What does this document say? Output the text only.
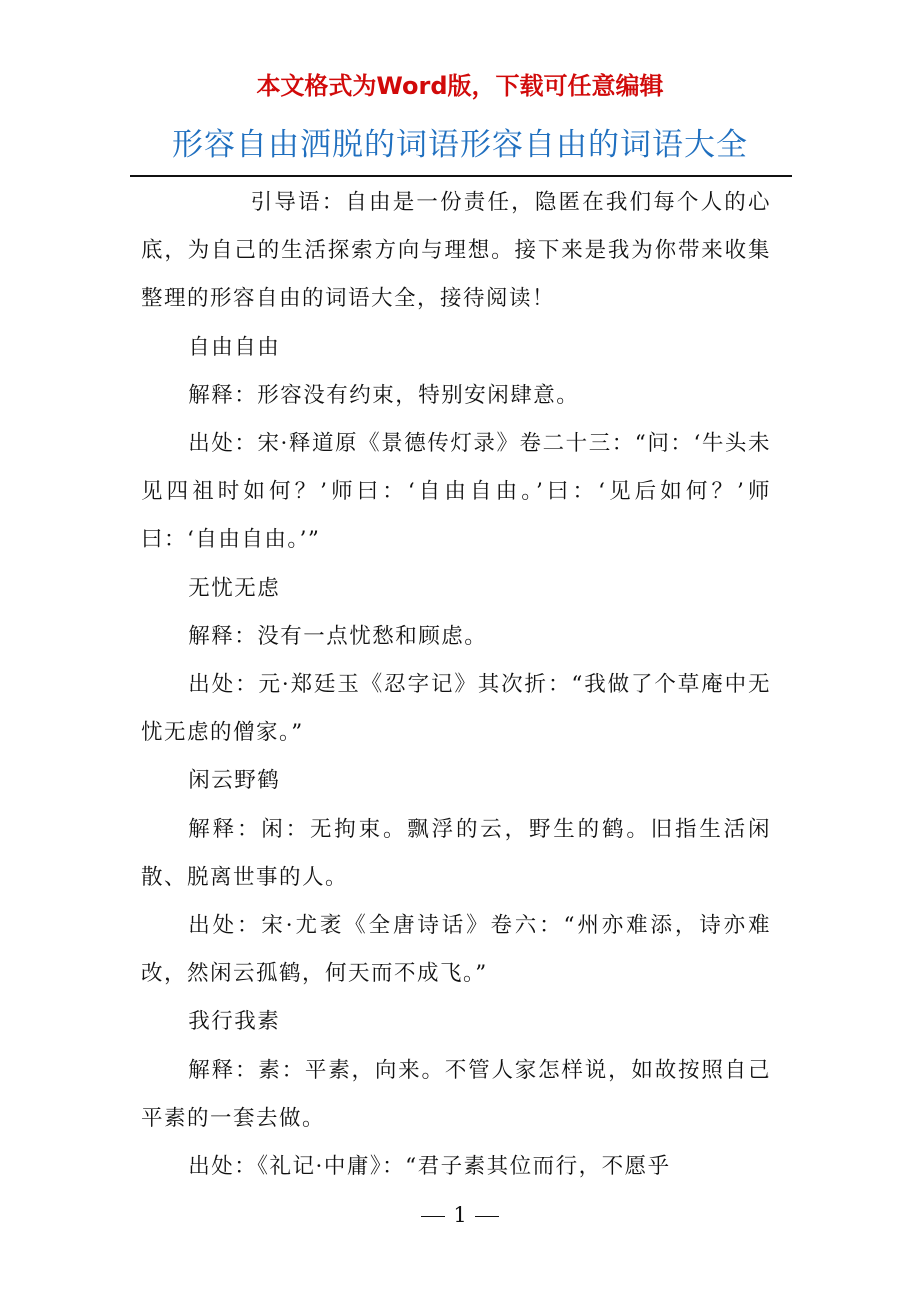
本文格式为Word版，下载可任意编辑
形容自由洒脱的词语形容自由的词语大全

引导语：自由是一份责任，隐匿在我们每个人的心底，为自己的生活探索方向与理想。接下来是我为你带来收集整理的形容自由的词语大全，接待阅读！

自由自由

解释：形容没有约束，特别安闲肆意。

出处：宋·释道原《景德传灯录》卷二十三：“问：‘牛头未见四祖时如何？’师曰：‘自由自由。’曰：‘见后如何？’师曰：‘自由自由。’”

无忧无虑

解释：没有一点忧愁和顾虑。

出处：元·郑廷玉《忍字记》其次折：“我做了个草庵中无忧无虑的僧家。”

闲云野鹤

解释：闲：无拘束。飘浮的云，野生的鹤。旧指生活闲散、脱离世事的人。

出处：宋·尤袤《全唐诗话》卷六：“州亦难添，诗亦难改，然闲云孤鹤，何天而不成飞。”

我行我素

解释：素：平素，向来。不管人家怎样说，如故按照自己平素的一套去做。

出处：《礼记·中庸》：“君子素其位而行，不愿乎

1
